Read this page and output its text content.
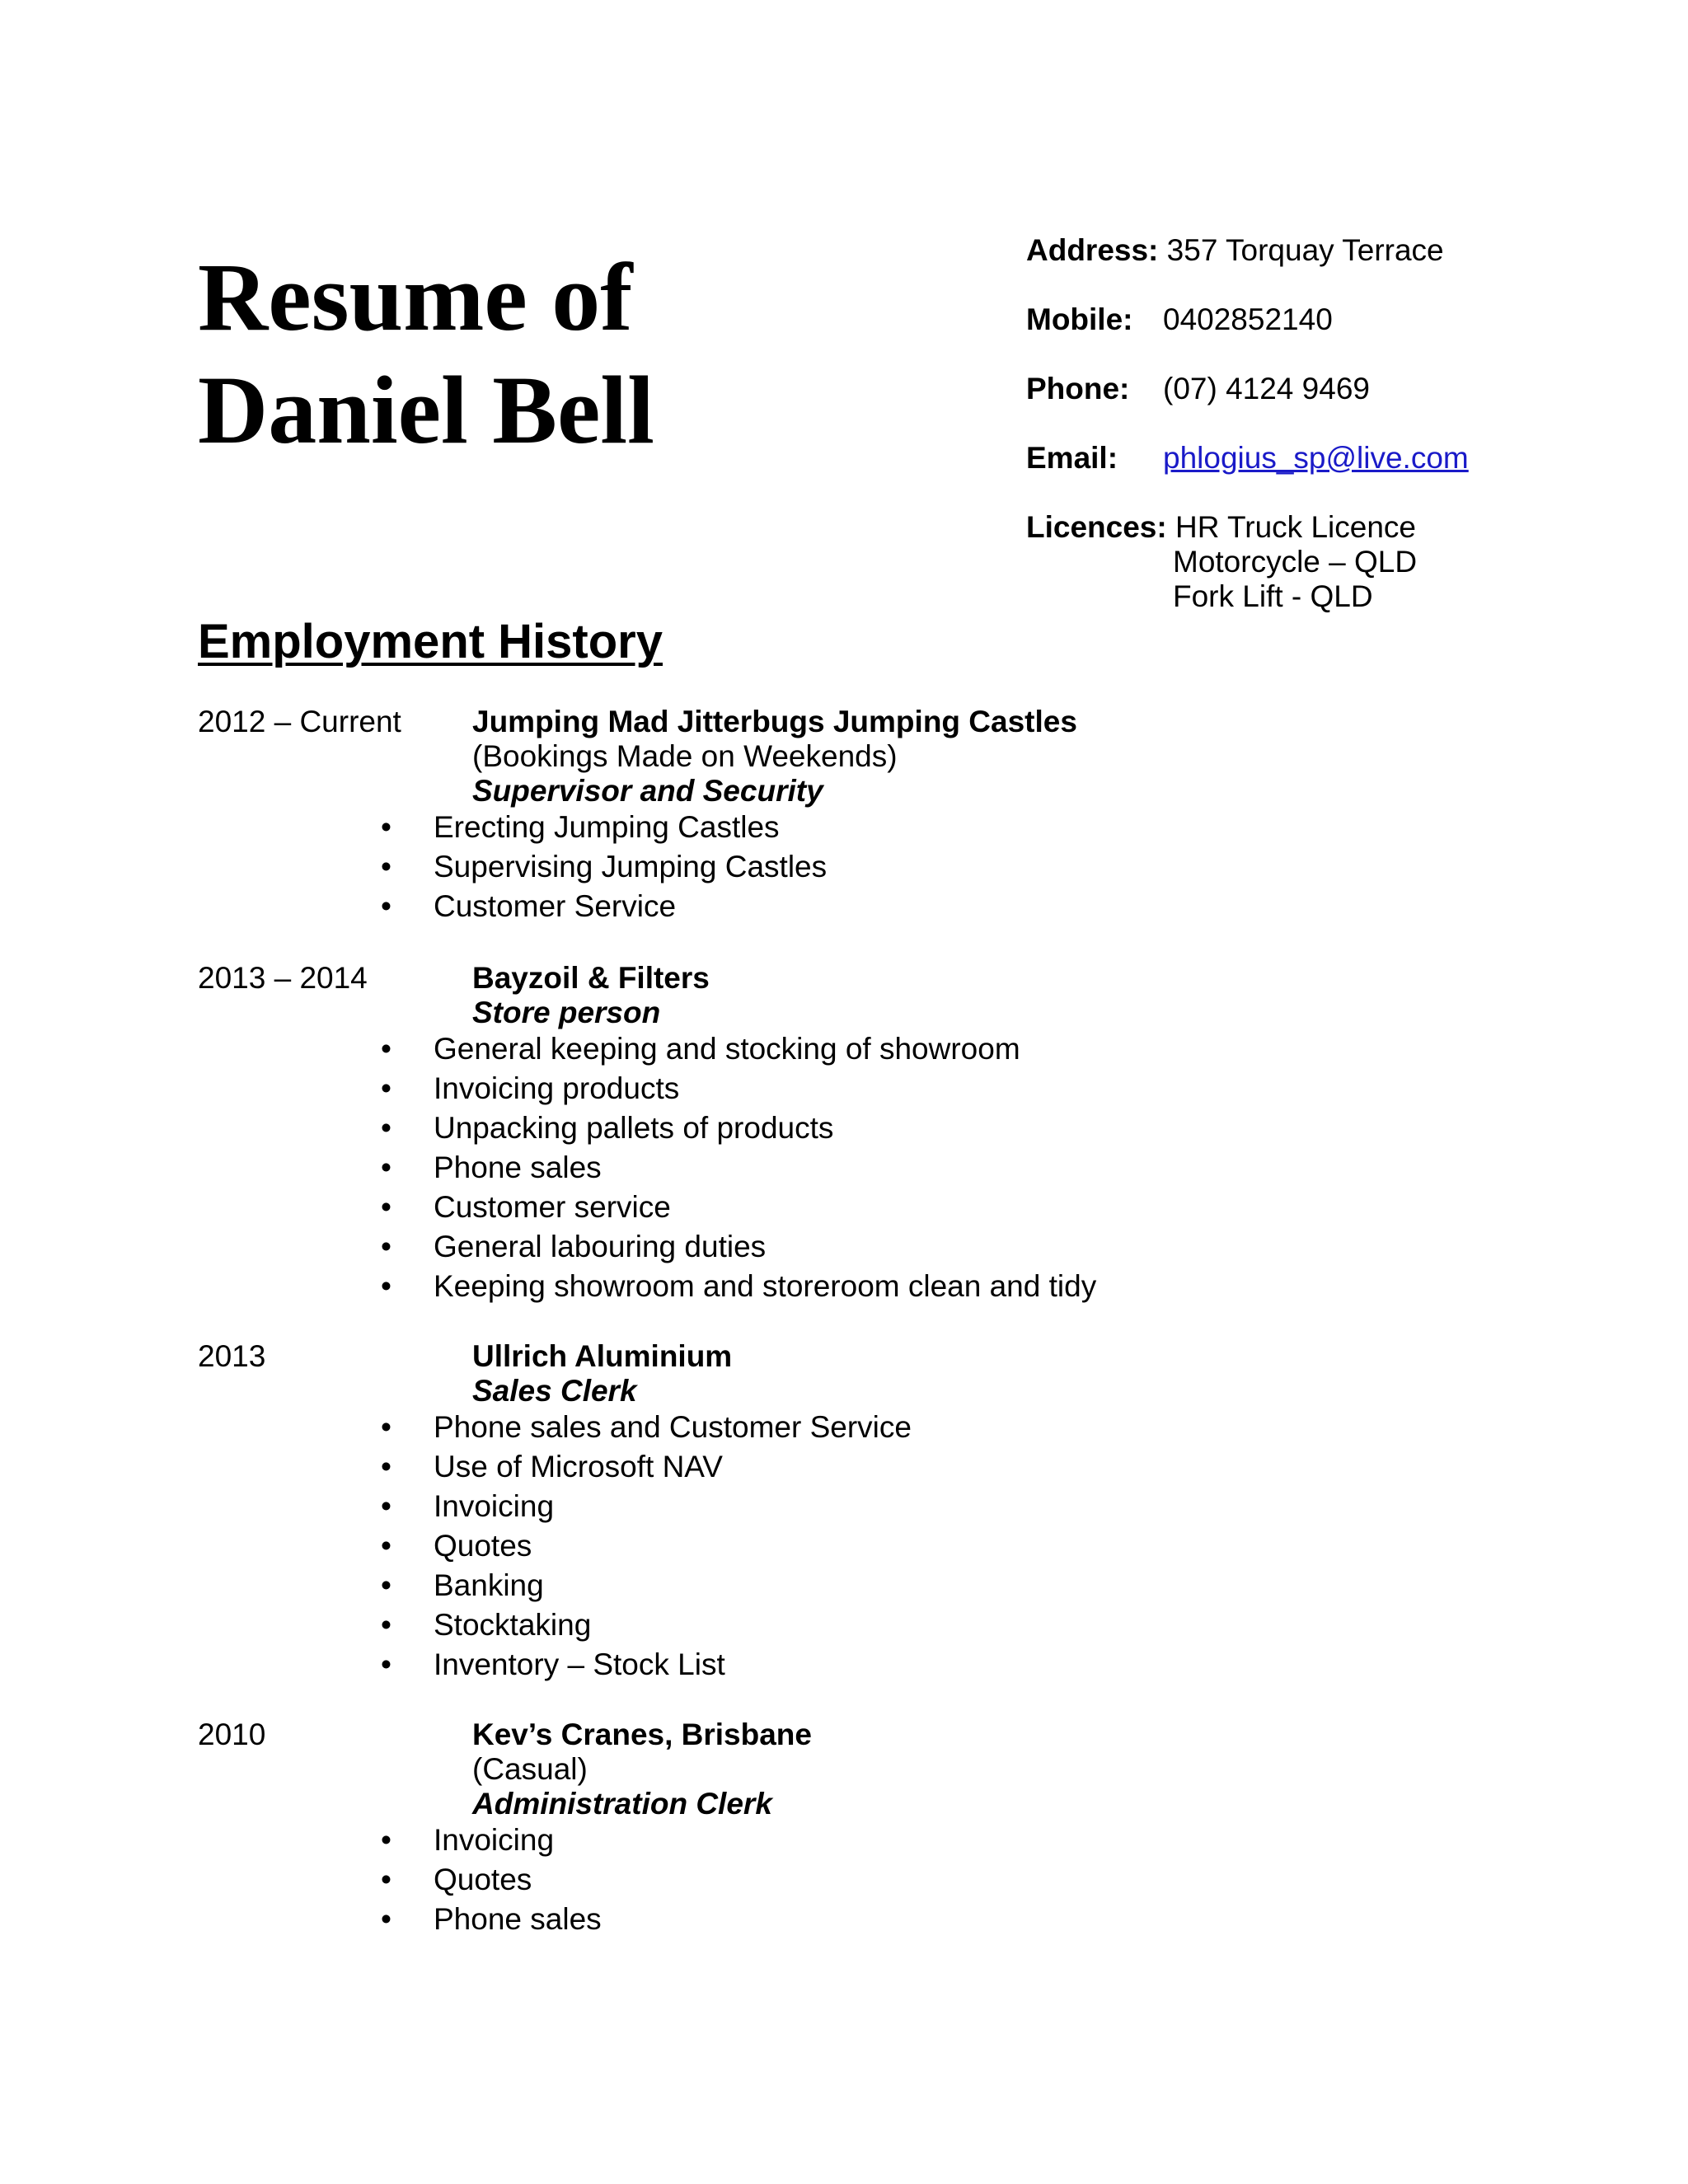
Resume of
Daniel Bell
Address: 357 Torquay Terrace
Mobile: 0402852140
Phone: (07) 4124 9469
Email: phlogius_sp@live.com
Licences: HR Truck Licence
Motorcycle – QLD
Fork Lift - QLD
Employment History
2012 – Current Jumping Mad Jitterbugs Jumping Castles
(Bookings Made on Weekends)
Supervisor and Security
• Erecting Jumping Castles
• Supervising Jumping Castles
• Customer Service
2013 – 2014	Bayzoil & Filters
Store person
• General keeping and stocking of showroom
• Invoicing products
• Unpacking pallets of products
• Phone sales
• Customer service
• General labouring duties
• Keeping showroom and storeroom clean and tidy
2013	Ullrich Aluminium
Sales Clerk
• Phone sales and Customer Service
• Use of Microsoft NAV
• Invoicing
• Quotes
• Banking
• Stocktaking
• Inventory – Stock List
2010	Kev’s Cranes, Brisbane
(Casual)
Administration Clerk
• Invoicing
• Quotes
• Phone sales
